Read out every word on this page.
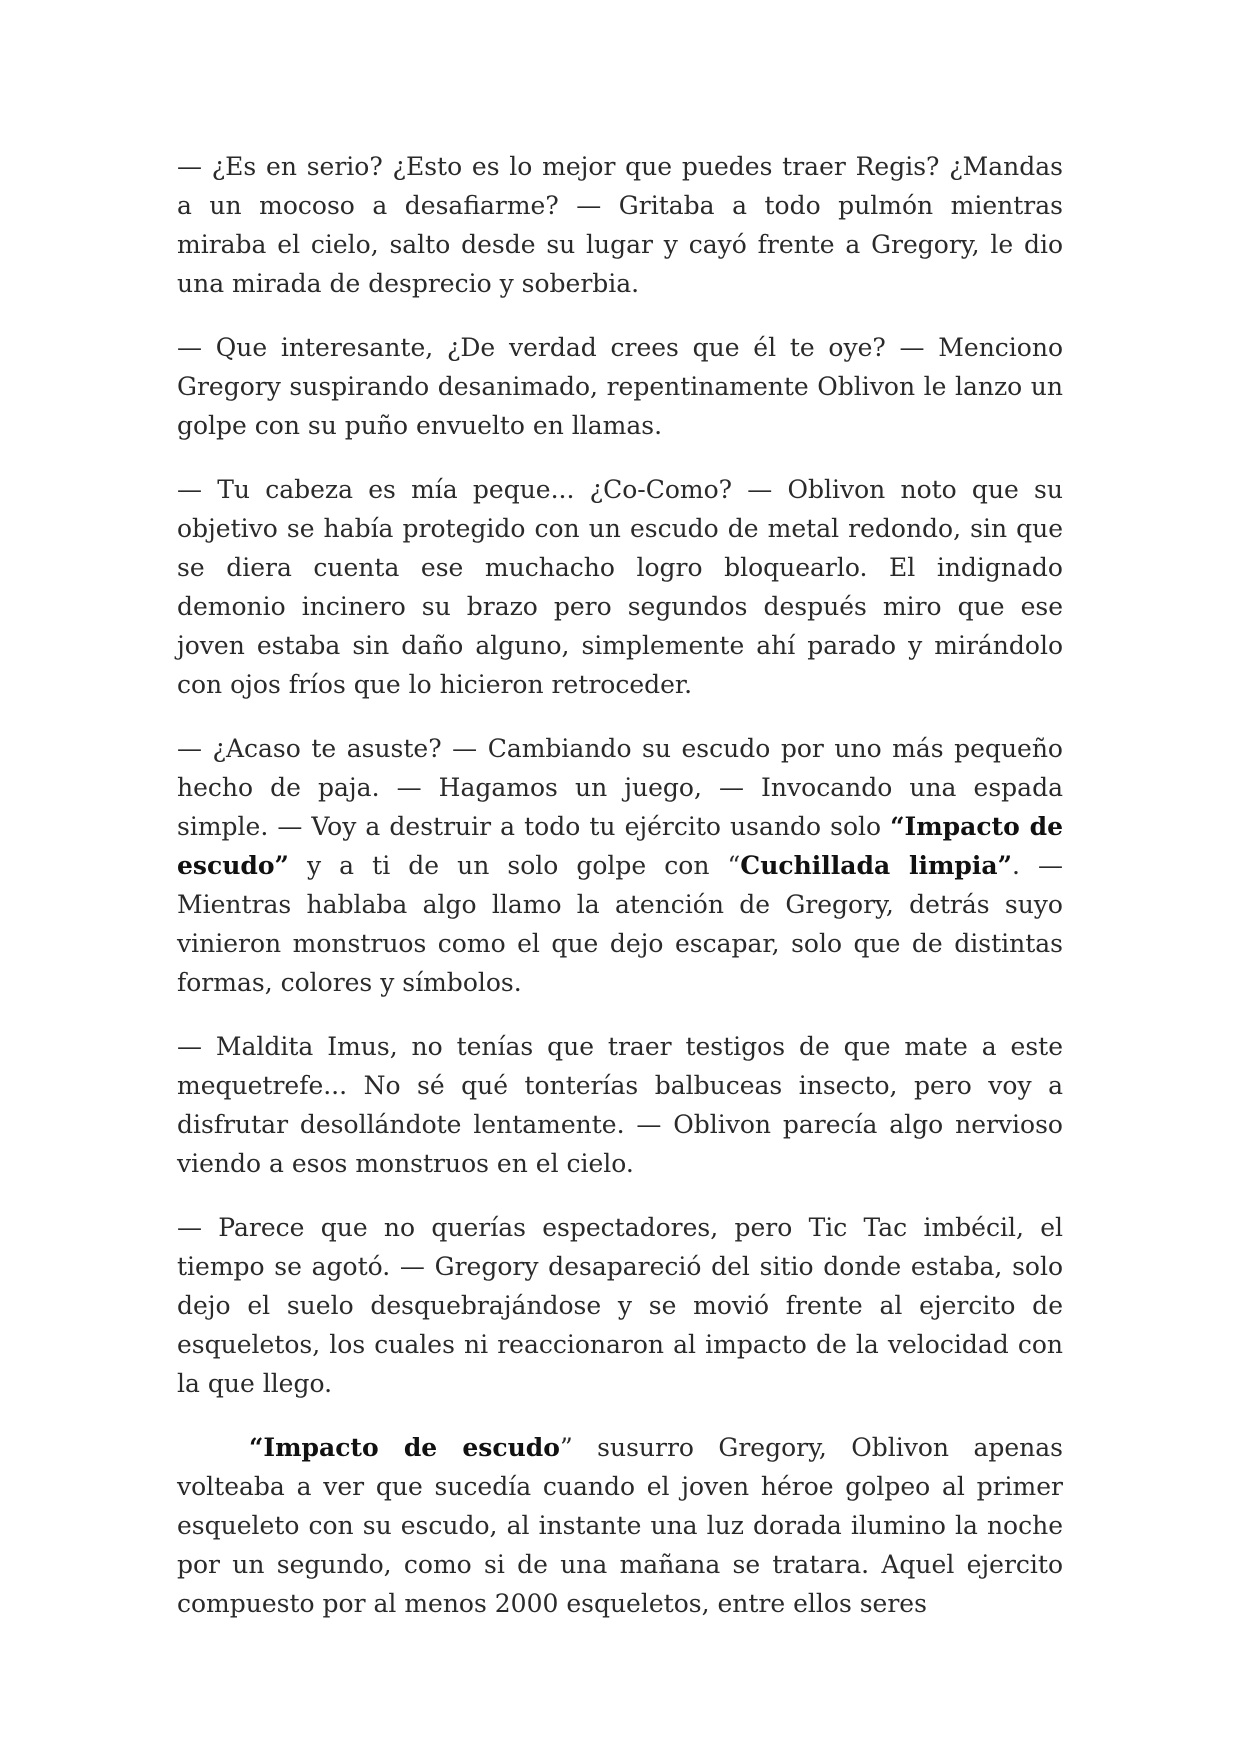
— ¿Es en serio? ¿Esto es lo mejor que puedes traer Regis? ¿Mandas a un mocoso a desafiarme? — Gritaba a todo pulmón mientras miraba el cielo, salto desde su lugar y cayó frente a Gregory, le dio una mirada de desprecio y soberbia.

— Que interesante, ¿De verdad crees que él te oye? — Menciono Gregory suspirando desanimado, repentinamente Oblivon le lanzo un golpe con su puño envuelto en llamas.

— Tu cabeza es mía peque... ¿Co-Como? — Oblivon noto que su objetivo se había protegido con un escudo de metal redondo, sin que se diera cuenta ese muchacho logro bloquearlo. El indignado demonio incinero su brazo pero segundos después miro que ese joven estaba sin daño alguno, simplemente ahí parado y mirándolo con ojos fríos que lo hicieron retroceder.

— ¿Acaso te asuste? — Cambiando su escudo por uno más pequeño hecho de paja. — Hagamos un juego, — Invocando una espada simple. — Voy a destruir a todo tu ejército usando solo “Impacto de escudo” y a ti de un solo golpe con “Cuchillada limpia”. — Mientras hablaba algo llamo la atención de Gregory, detrás suyo vinieron monstruos como el que dejo escapar, solo que de distintas formas, colores y símbolos.

— Maldita Imus, no tenías que traer testigos de que mate a este mequetrefe... No sé qué tonterías balbuceas insecto, pero voy a disfrutar desollándote lentamente. — Oblivon parecía algo nervioso viendo a esos monstruos en el cielo.

— Parece que no querías espectadores, pero Tic Tac imbécil, el tiempo se agotó. — Gregory desapareció del sitio donde estaba, solo dejo el suelo desquebrajándose y se movió frente al ejercito de esqueletos, los cuales ni reaccionaron al impacto de la velocidad con la que llego.

“Impacto de escudo” susurro Gregory, Oblivon apenas volteaba a ver que sucedía cuando el joven héroe golpeo al primer esqueleto con su escudo, al instante una luz dorada ilumino la noche por un segundo, como si de una mañana se tratara. Aquel ejercito compuesto por al menos 2000 esqueletos, entre ellos seres
